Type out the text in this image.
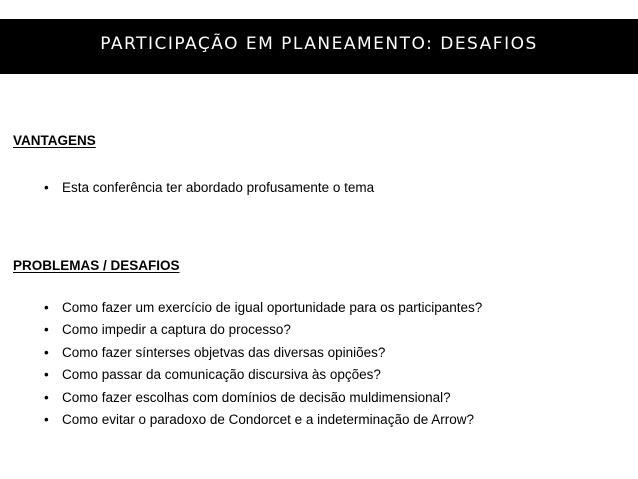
PARTICIPAÇÃO EM PLANEAMENTO: DESAFIOS
VANTAGENS
• Esta conferência ter abordado profusamente o tema
PROBLEMAS / DESAFIOS
• Como fazer um exercício de igual oportunidade para os participantes?
• Como impedir a captura do processo?
• Como fazer sínterses objetvas das diversas opiniões?
• Como passar da comunicação discursiva às opções?
• Como fazer escolhas com domínios de decisão muldimensional?
• Como evitar o paradoxo de Condorcet e a indeterminação de Arrow?
